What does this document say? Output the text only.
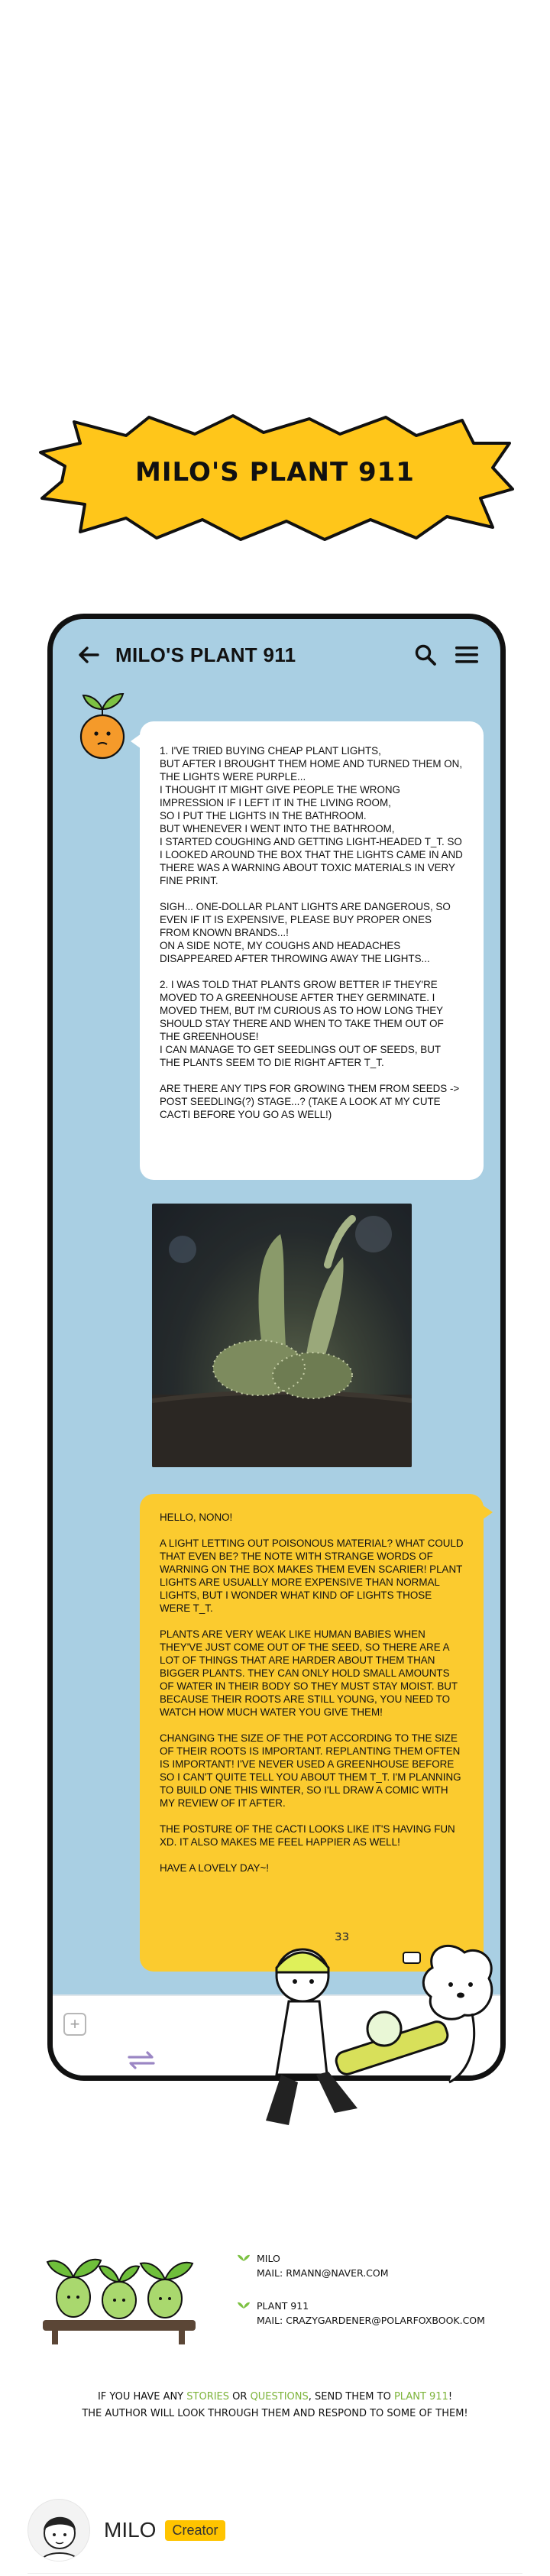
MILO'S PLANT 911
MILO'S PLANT 911

1. I'VE TRIED BUYING CHEAP PLANT LIGHTS,
BUT AFTER I BROUGHT THEM HOME AND TURNED THEM ON, THE LIGHTS WERE PURPLE...
I THOUGHT IT MIGHT GIVE PEOPLE THE WRONG IMPRESSION IF I LEFT IT IN THE LIVING ROOM,
SO I PUT THE LIGHTS IN THE BATHROOM.
BUT WHENEVER I WENT INTO THE BATHROOM,
I STARTED COUGHING AND GETTING LIGHT-HEADED T_T. SO I LOOKED AROUND THE BOX THAT THE LIGHTS CAME IN AND THERE WAS A WARNING ABOUT TOXIC MATERIALS IN VERY FINE PRINT.

SIGH... ONE-DOLLAR PLANT LIGHTS ARE DANGEROUS, SO EVEN IF IT IS EXPENSIVE, PLEASE BUY PROPER ONES FROM KNOWN BRANDS...!
ON A SIDE NOTE, MY COUGHS AND HEADACHES DISAPPEARED AFTER THROWING AWAY THE LIGHTS...

2. I WAS TOLD THAT PLANTS GROW BETTER IF THEY'RE MOVED TO A GREENHOUSE AFTER THEY GERMINATE. I MOVED THEM, BUT I'M CURIOUS AS TO HOW LONG THEY SHOULD STAY THERE AND WHEN TO TAKE THEM OUT OF THE GREENHOUSE!
I CAN MANAGE TO GET SEEDLINGS OUT OF SEEDS, BUT THE PLANTS SEEM TO DIE RIGHT AFTER T_T.

ARE THERE ANY TIPS FOR GROWING THEM FROM SEEDS -> POST SEEDLING(?) STAGE...? (TAKE A LOOK AT MY CUTE CACTI BEFORE YOU GO AS WELL!)

HELLO, NONO!

A LIGHT LETTING OUT POISONOUS MATERIAL? WHAT COULD THAT EVEN BE? THE NOTE WITH STRANGE WORDS OF WARNING ON THE BOX MAKES THEM EVEN SCARIER! PLANT LIGHTS ARE USUALLY MORE EXPENSIVE THAN NORMAL LIGHTS, BUT I WONDER WHAT KIND OF LIGHTS THOSE WERE T_T.

PLANTS ARE VERY WEAK LIKE HUMAN BABIES WHEN THEY'VE JUST COME OUT OF THE SEED, SO THERE ARE A LOT OF THINGS THAT ARE HARDER ABOUT THEM THAN BIGGER PLANTS. THEY CAN ONLY HOLD SMALL AMOUNTS OF WATER IN THEIR BODY SO THEY MUST STAY MOIST. BUT BECAUSE THEIR ROOTS ARE STILL YOUNG, YOU NEED TO WATCH HOW MUCH WATER YOU GIVE THEM!

CHANGING THE SIZE OF THE POT ACCORDING TO THE SIZE OF THEIR ROOTS IS IMPORTANT. REPLANTING THEM OFTEN IS IMPORTANT! I'VE NEVER USED A GREENHOUSE BEFORE SO I CAN'T QUITE TELL YOU ABOUT THEM T_T. I'M PLANNING TO BUILD ONE THIS WINTER, SO I'LL DRAW A COMIC WITH MY REVIEW OF IT AFTER.

THE POSTURE OF THE CACTI LOOKS LIKE IT'S HAVING FUN XD. IT ALSO MAKES ME FEEL HAPPIER AS WELL!

HAVE A LOVELY DAY~!

+
ɜɜ
MILO
MAIL: RMANN@NAVER.COM
PLANT 911
MAIL: CRAZYGARDENER@POLARFOXBOOK.COM
IF YOU HAVE ANY STORIES OR QUESTIONS, SEND THEM TO PLANT 911!
THE AUTHOR WILL LOOK THROUGH THEM AND RESPOND TO SOME OF THEM!
MILO	Creator
